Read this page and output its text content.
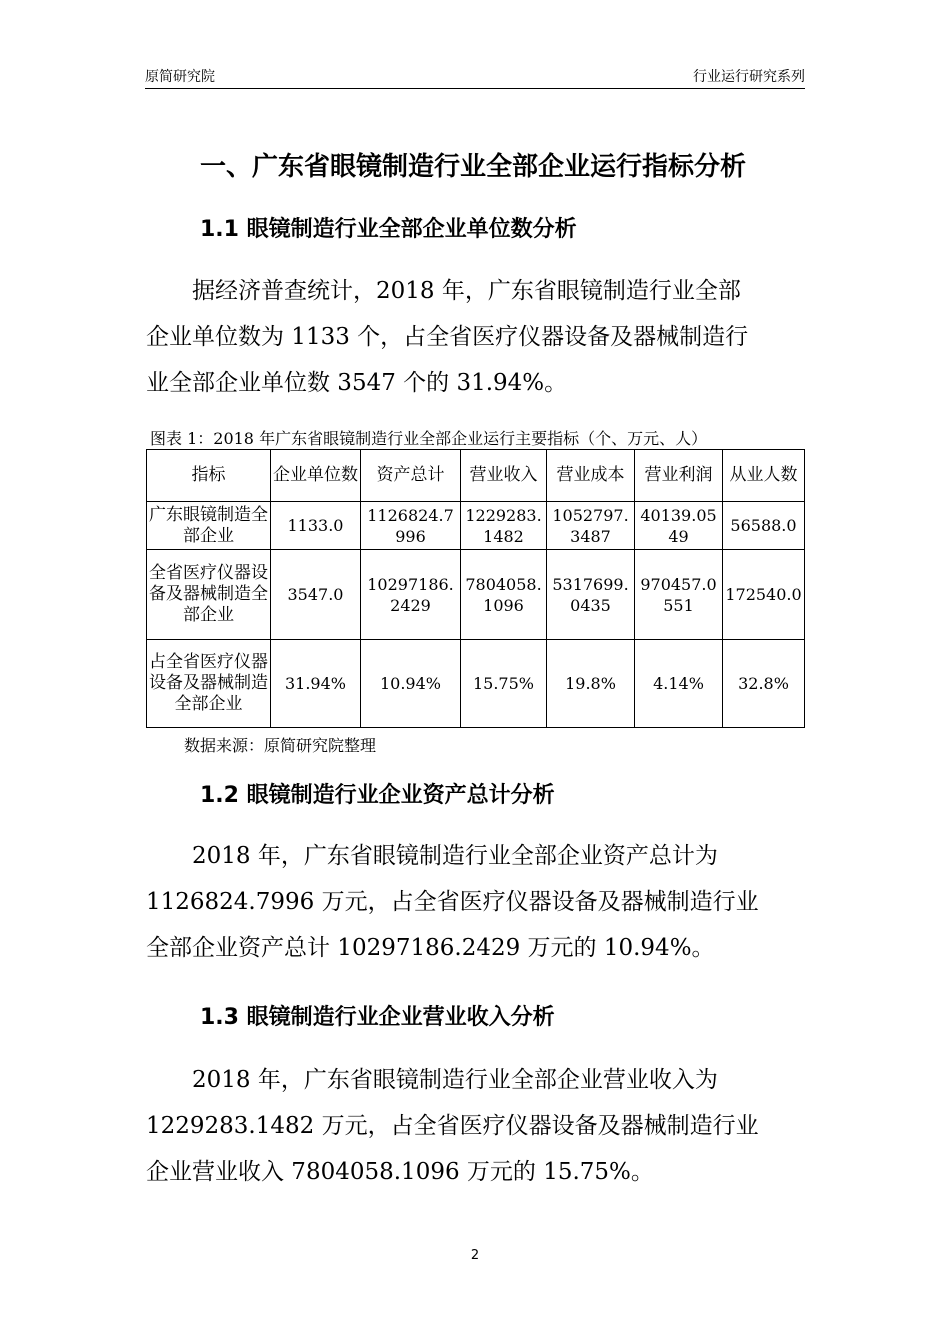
原简研究院	行业运行研究系列
一、广东省眼镜制造行业全部企业运行指标分析
1.1 眼镜制造行业全部企业单位数分析
　　据经济普查统计，2018 年，广东省眼镜制造行业全部
企业单位数为 1133 个，占全省医疗仪器设备及器械制造行
业全部企业单位数 3547 个的 31.94%。
图表 1：2018 年广东省眼镜制造行业全部企业运行主要指标（个、万元、人）
指标	企业单位数	资产总计	营业收入	营业成本	营业利润	从业人数
广东眼镜制造全部企业	1133.0	1126824.7996	1229283.1482	1052797.3487	40139.0549	56588.0
全省医疗仪器设备及器械制造全部企业	3547.0	10297186.2429	7804058.1096	5317699.0435	970457.0551	172540.0
占全省医疗仪器设备及器械制造全部企业	31.94%	10.94%	15.75%	19.8%	4.14%	32.8%
数据来源：原简研究院整理
1.2 眼镜制造行业企业资产总计分析
　　2018 年，广东省眼镜制造行业全部企业资产总计为
1126824.7996 万元，占全省医疗仪器设备及器械制造行业
全部企业资产总计 10297186.2429 万元的 10.94%。
1.3 眼镜制造行业企业营业收入分析
　　2018 年，广东省眼镜制造行业全部企业营业收入为
1229283.1482 万元，占全省医疗仪器设备及器械制造行业
企业营业收入 7804058.1096 万元的 15.75%。
2
